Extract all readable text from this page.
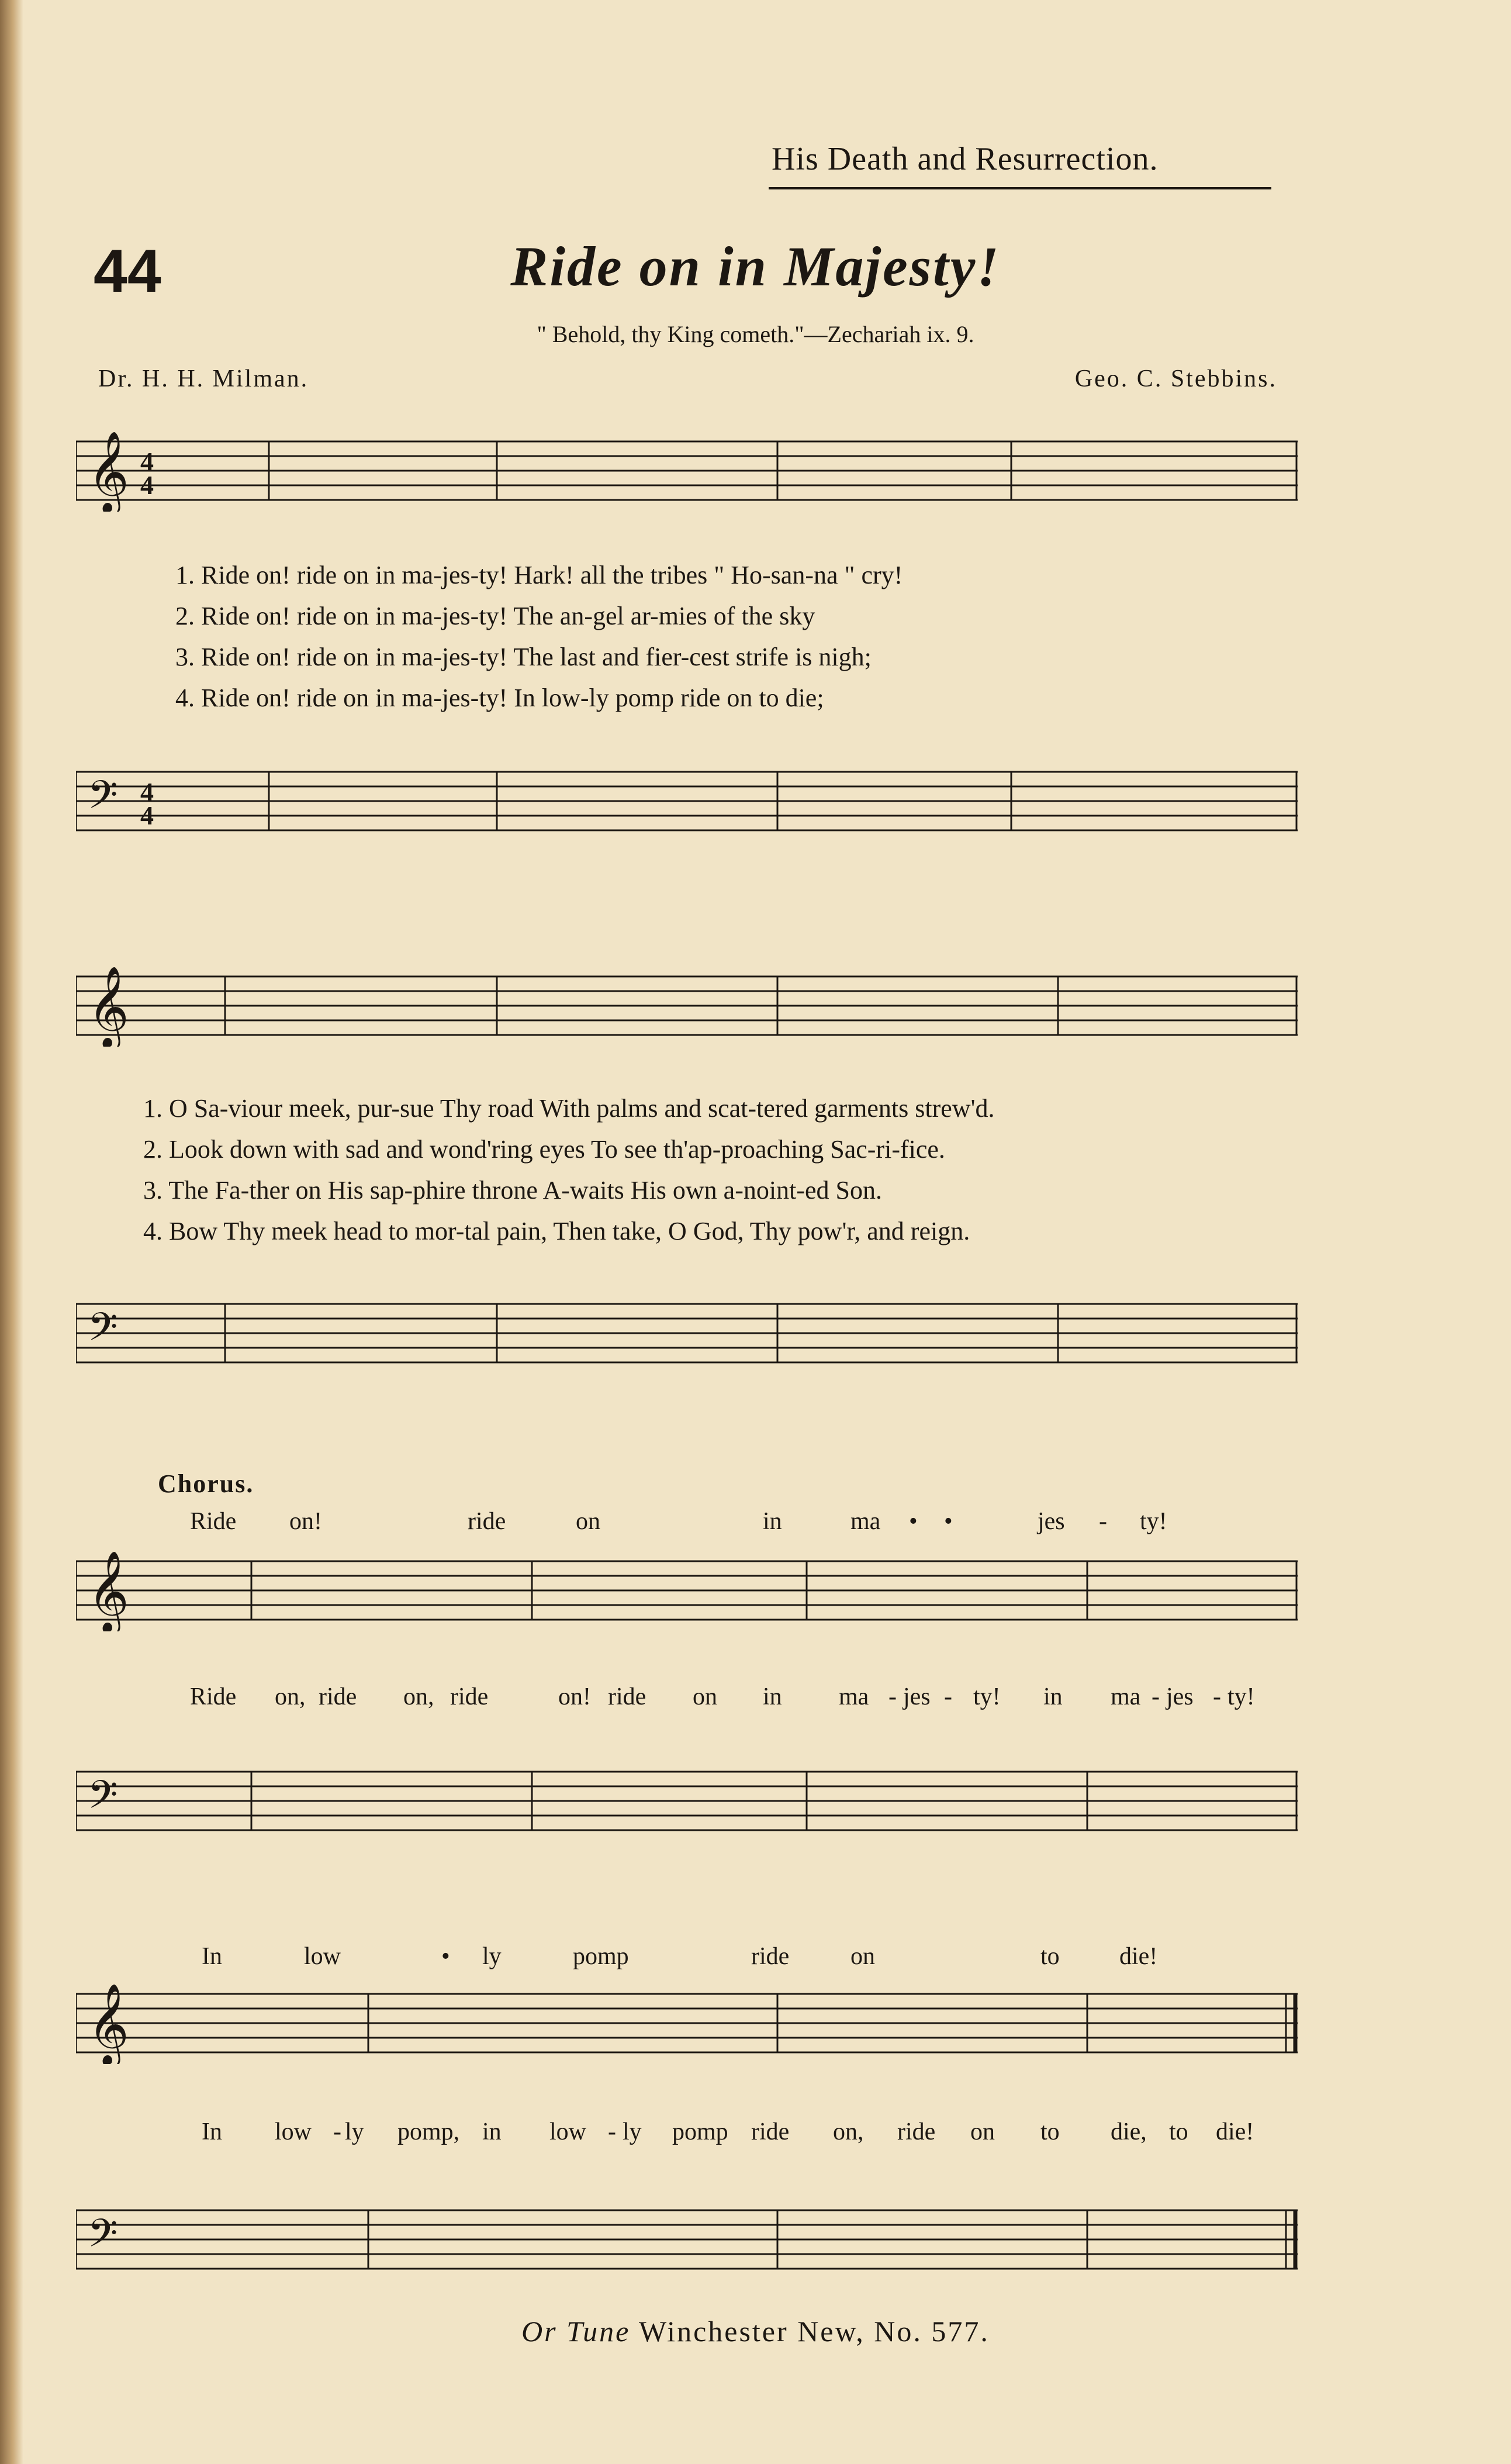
His Death and Resurrection.
44	Ride on in Majesty!
" Behold, thy King cometh."—Zechariah ix. 9.
Dr. H. H. Milman.	Geo. C. Stebbins.
𝄞 4
4
1. Ride on! ride on in ma-jes-ty! Hark! all the tribes " Ho-san-na " cry!
2. Ride on! ride on in ma-jes-ty! The an-gel ar-mies of the sky
3. Ride on! ride on in ma-jes-ty! The last and fier-cest strife is nigh;
4. Ride on! ride on in ma-jes-ty! In low-ly pomp ride on to die;
𝄢 4
4
𝄞
1. O Sa-viour meek, pur-sue Thy road With palms and scat-tered garments strew'd.
2. Look down with sad and wond'ring eyes To see th'ap-proaching Sac-ri-fice.
3. The Fa-ther on His sap-phire throne A-waits His own a-noint-ed Son.
4. Bow Thy meek head to mor-tal pain, Then take, O God, Thy pow'r, and reign.
𝄢
Chorus.
Ride on!	ride	on	in	ma • •	jes - ty!
𝄞
Ride on, ride on, ride	on! ride on in ma - jes - ty! in ma - jes - ty!
𝄢
In	low	• ly	pomp	ride on	to die!
𝄞
In low - ly pomp, in low - ly pomp ride on, ride on to die, to die!
𝄢
Or Tune Winchester New, No. 577.
